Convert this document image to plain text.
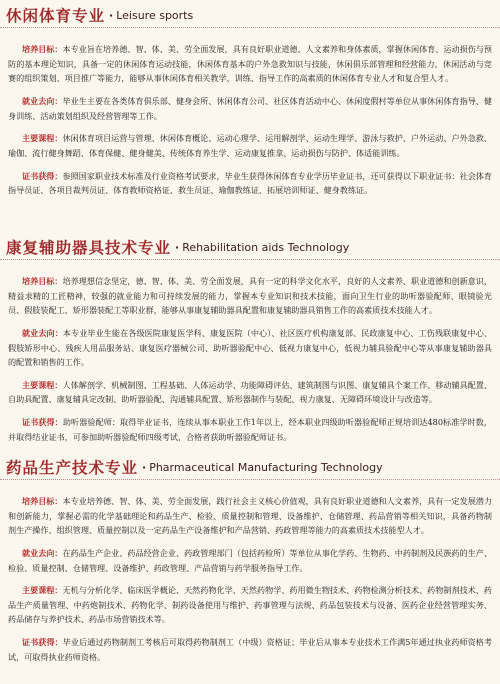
休闲体育专业 · Leisure sports

培养目标：本专业旨在培养德、智、体、美、劳全面发展，具有良好职业道德、人文素养和身体素质，掌握休闲体育、运动损伤与预防的基本理论知识，具备一定的休闲体育运动技能，休闲体育基本的户外急救知识与技能，休闲俱乐部管理和经营能力，休闲活动与竞赛的组织策划、项目推广等能力，能够从事休闲体育相关教学、训练、指导工作的高素质的休闲体育专业人才和复合型人才。

就业去向：毕业生主要在各类体育俱乐部、健身会所、休闲体育公司、社区体育活动中心、休闲度假村等单位从事休闲体育指导、健身训练、活动策划组织及经营管理等工作。

主要课程：休闲体育项目运营与管理、休闲体育概论、运动心理学、运用解剖学、运动生理学、游泳与救护、户外运动、户外急救、瑜伽、流行健身舞蹈、体育保健、健身健美、传统体育养生学、运动康复推拿、运动损伤与防护、体适能训练。

证书获得：参照国家职业技术标准及行业资格考试要求，毕业生获得休闲体育专业学历毕业证书，还可获得以下职业证书：社会体育指导员证、各项目裁判员证、体育教师资格证、救生员证、瑜伽教练证、拓展培训师证、健身教练证。

康复辅助器具技术专业 · Rehabilitation aids Technology

培养目标：培养理想信念坚定，德、智、体、美、劳全面发展，具有一定的科学文化水平，良好的人文素养、职业道德和创新意识，精益求精的工匠精神，较强的就业能力和可持续发展的能力，掌握本专业知识和技术技能，面向卫生行业的助听器验配师、眼镜验光员、假肢装配工、矫形器装配工等职业群，能够从事康复辅助器具配置和康复辅助器具销售工作的高素质技术技能人才。

就业去向：本专业毕业生能在各级医院康复医学科、康复医院（中心）、社区医疗机构康复部、民政康复中心、工伤残联康复中心、假肢矫形中心、残疾人用品服务站、康复医疗器械公司、助听器验配中心、低视力康复中心，低视力辅具验配中心等从事康复辅助器具的配置和销售的工作。

主要课程：人体解剖学、机械制图、工程基础、人体运动学、功能障碍评估、建筑制图与识图、康复辅具个案工作、移动辅具配置、自助具配置、康复辅具定改制、助听器验配、沟通辅具配置、矫形器制作与装配、视力康复、无障碍环境设计与改造等。

证书获得：助听器验配师：取得毕业证书，连续从事本职业工作1年以上，经本职业四级助听器验配师正规培训达480标准学时数，并取得结业证书，可参加助听器验配师四级考试，合格者获助听器验配师证书。

药品生产技术专业 · Pharmaceutical Manufacturing Technology

培养目标：本专业培养德、智、体、美、劳全面发展，践行社会主义核心价值观，具有良好职业道德和人文素养，具有一定发展潜力和创新能力，掌握必需的化学基础理论和药品生产、检验、质量控制和管理、设备维护、仓储管理、药品营销等相关知识，具备药物制剂生产操作、组织管理、质量控制以及一定药品生产设备维护和产品营销、药政管理等能力的高素质技术技能型人才。

就业去向：在药品生产企业、药品经营企业、药政管理部门（包括药检所）等单位从事化学药、生物药、中药制剂及民族药的生产、检验、质量控制、仓储管理、设备维护、药政管理、产品营销与药学服务指导工作。

主要课程：无机与分析化学、临床医学概论、天然药物化学、天然药物学、药用微生物技术、药物检测分析技术、药物制剂技术、药品生产质量管理、中药炮制技术、药物化学、制药设备使用与维护、药事管理与法规、药品包装技术与设备、医药企业经营管理实务、药品储存与养护技术、药品市场营销技术等。

证书获得：毕业后通过药物制剂工考核后可取得药物制剂工（中级）资格证；毕业后从事本专业技术工作满5年通过执业药师资格考试，可取得执业药师资格。
